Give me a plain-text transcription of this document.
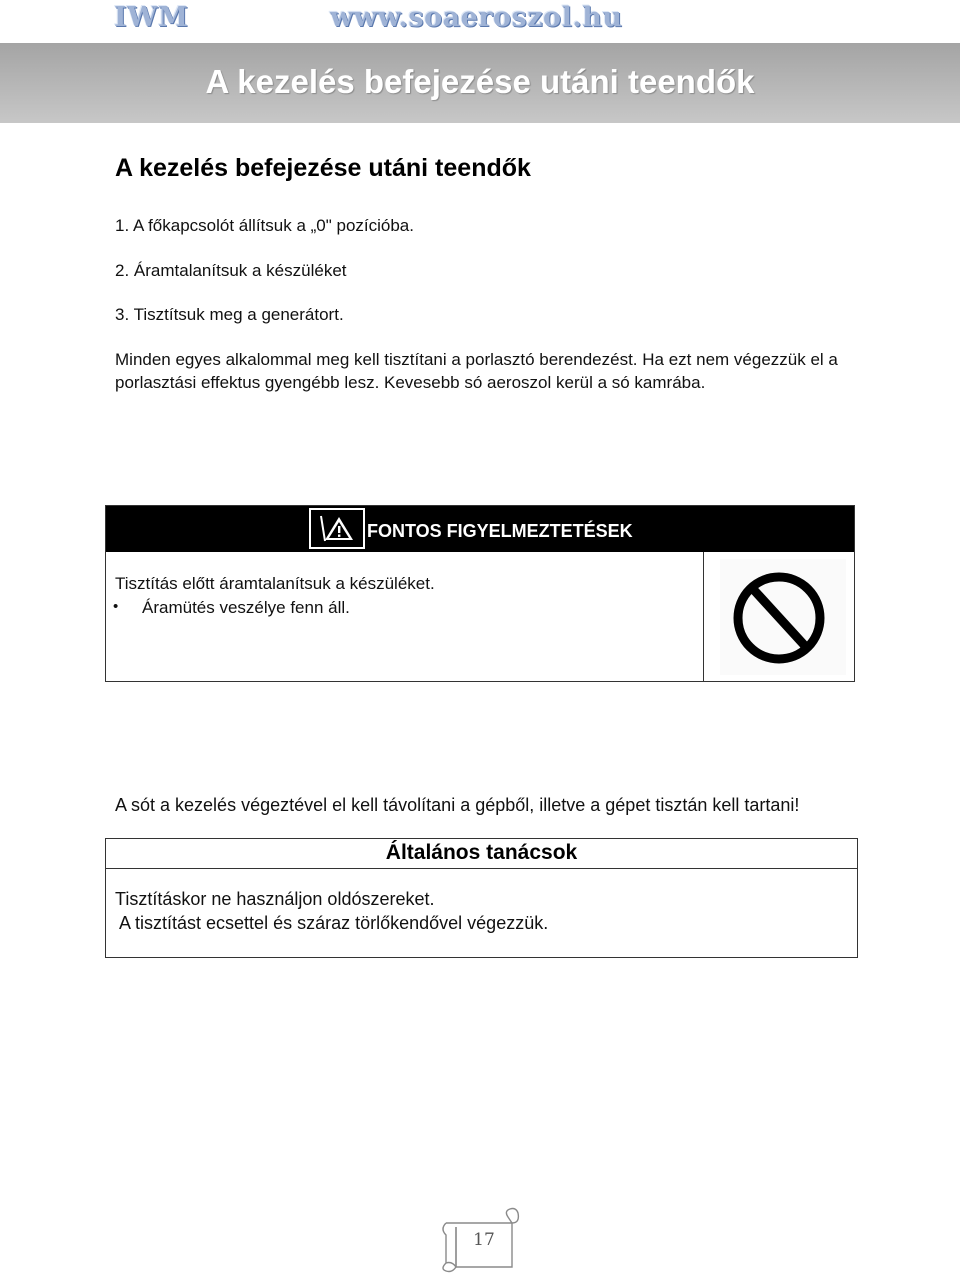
IWM	www.soaeroszol.hu
A kezelés befejezése utáni teendők
A kezelés befejezése utáni teendők
1. A főkapcsolót állítsuk a „0" pozícióba.
2. Áramtalanítsuk a készüléket
3. Tisztítsuk meg a generátort.
Minden egyes alkalommal meg kell tisztítani a porlasztó berendezést. Ha ezt nem végezzük el a porlasztási effektus gyengébb lesz. Kevesebb só aeroszol kerül a só kamrába.
FONTOS FIGYELMEZTETÉSEK
Tisztítás előtt áramtalanítsuk a készüléket.
• Áramütés veszélye fenn áll.
A sót a kezelés végeztével el kell távolítani a gépből, illetve a gépet tisztán kell tartani!
Általános tanácsok
Tisztításkor ne használjon oldószereket.
A tisztítást ecsettel és száraz törlőkendővel végezzük.
17
